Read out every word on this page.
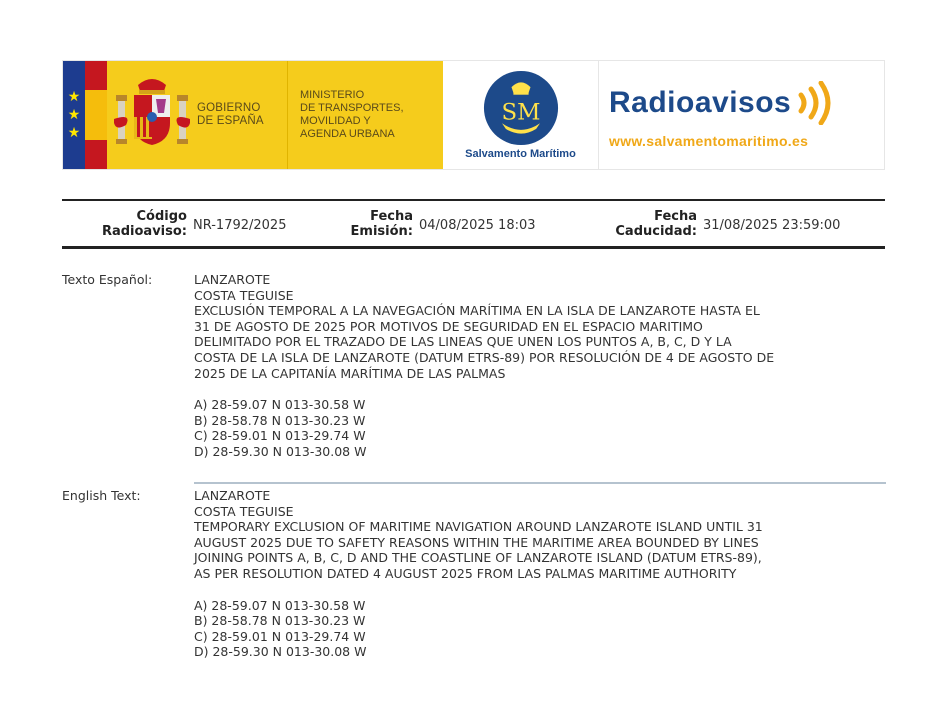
★
★
★
GOBIERNO
DE ESPAÑA
MINISTERIO
DE TRANSPORTES,
MOVILIDAD Y
AGENDA URBANA
SM
Salvamento Marítimo
Radioavisos
www.salvamentomaritimo.es
Código
Radioaviso: NR-1792/2025
Fecha
Emisión: 04/08/2025 18:03
Fecha
Caducidad: 31/08/2025 23:59:00
Texto Español:	LANZAROTE
COSTA TEGUISE
EXCLUSIÓN TEMPORAL A LA NAVEGACIÓN MARÍTIMA EN LA ISLA DE LANZAROTE HASTA EL
31 DE AGOSTO DE 2025 POR MOTIVOS DE SEGURIDAD EN EL ESPACIO MARITIMO
DELIMITADO POR EL TRAZADO DE LAS LINEAS QUE UNEN LOS PUNTOS A, B, C, D Y LA
COSTA DE LA ISLA DE LANZAROTE (DATUM ETRS-89) POR RESOLUCIÓN DE 4 DE AGOSTO DE
2025 DE LA CAPITANÍA MARÍTIMA DE LAS PALMAS
A) 28-59.07 N 013-30.58 W
B) 28-58.78 N 013-30.23 W
C) 28-59.01 N 013-29.74 W
D) 28-59.30 N 013-30.08 W
English Text:	LANZAROTE
COSTA TEGUISE
TEMPORARY EXCLUSION OF MARITIME NAVIGATION AROUND LANZAROTE ISLAND UNTIL 31
AUGUST 2025 DUE TO SAFETY REASONS WITHIN THE MARITIME AREA BOUNDED BY LINES
JOINING POINTS A, B, C, D AND THE COASTLINE OF LANZAROTE ISLAND (DATUM ETRS-89),
AS PER RESOLUTION DATED 4 AUGUST 2025 FROM LAS PALMAS MARITIME AUTHORITY
A) 28-59.07 N 013-30.58 W
B) 28-58.78 N 013-30.23 W
C) 28-59.01 N 013-29.74 W
D) 28-59.30 N 013-30.08 W
